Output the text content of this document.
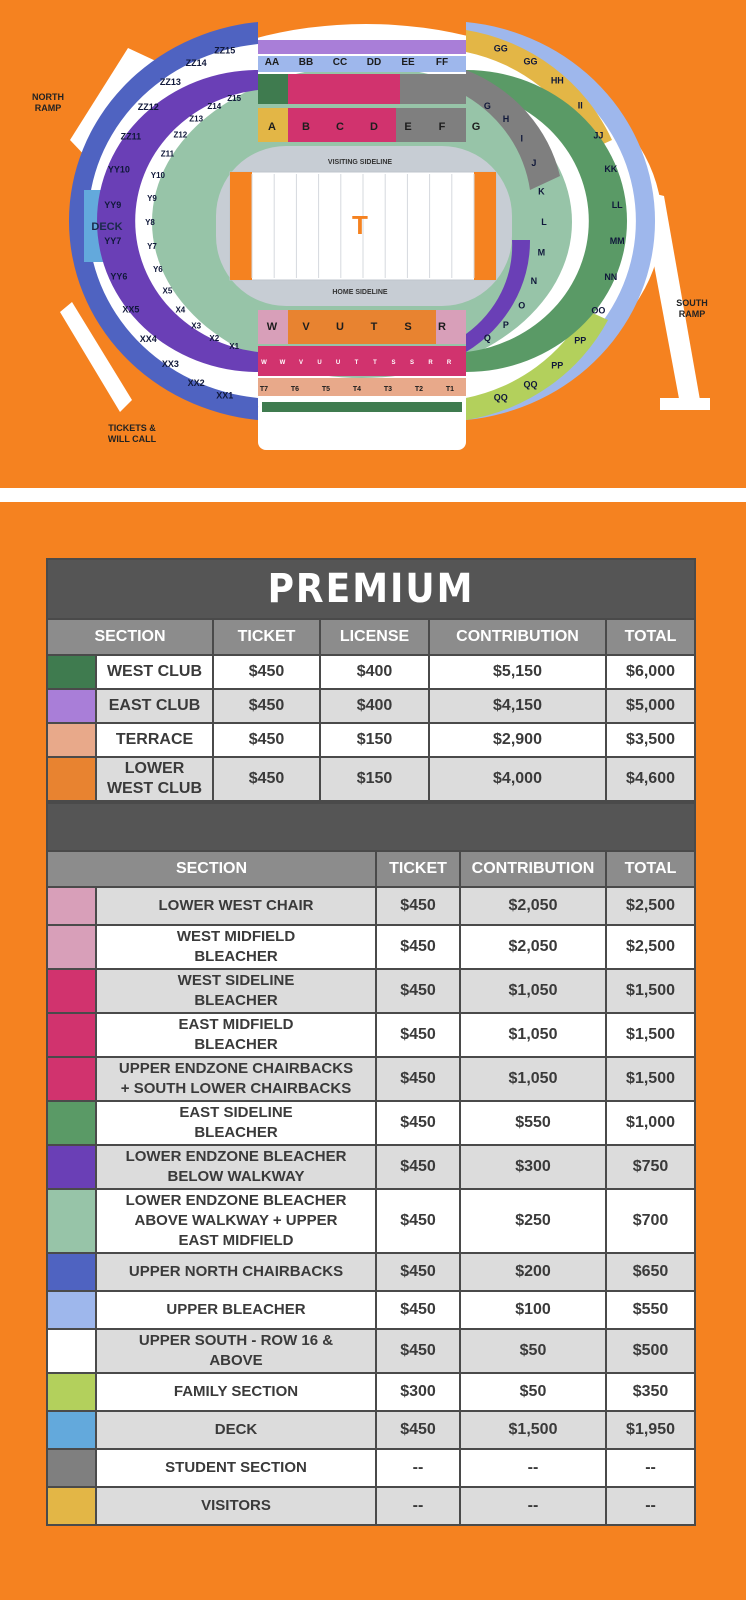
VISITING SIDELINE
HOME SIDELINE
T
DECK
NORTH
RAMP
SOUTH
RAMP
TICKETS &
WILL CALL
AA BB CC DD EE FF
A B C D E F G
W V U T S R
W W V U U T T S S R R
T7	T6	T5	T4	T3	T2	T1
ZZ15
ZZ14
ZZ13
ZZ12
ZZ11
YY10
YY9
YY7
YY6
XX5
XX4
XX3
XX2
XX1
Z15
Z14
Z13
Z12
Z11
Y10
Y9
Y8
Y7
Y6
X5
X4
X3
X2
X1
GG
GG
HH
II
JJ
KK
LL
MM
NN
OO
PP
PP
QQ
QQ
G
H
I
J
K
L
M
N
O
P
Q
PREMIUM					
SECTION		TICKET	LICENSE	CONTRIBUTION	TOTAL
	WEST CLUB	$450	$400	$5,150	$6,000
	EAST CLUB	$450	$400	$4,150	$5,000
	TERRACE	$450	$150	$2,900	$3,500
	LOWER
WEST CLUB	$450	$150	$4,000	$4,600

SECTION		TICKET	CONTRIBUTION	TOTAL
	LOWER WEST CHAIR	$450	$2,050	$2,500
	WEST MIDFIELD
BLEACHER	$450	$2,050	$2,500
	WEST SIDELINE
BLEACHER	$450	$1,050	$1,500
	EAST MIDFIELD
BLEACHER	$450	$1,050	$1,500
	UPPER ENDZONE CHAIRBACKS
+ SOUTH LOWER CHAIRBACKS	$450	$1,050	$1,500
	EAST SIDELINE
BLEACHER	$450	$550	$1,000
	LOWER ENDZONE BLEACHER
BELOW WALKWAY	$450	$300	$750
	LOWER ENDZONE BLEACHER
ABOVE WALKWAY + UPPER
EAST MIDFIELD	$450	$250	$700
	UPPER NORTH CHAIRBACKS	$450	$200	$650
	UPPER BLEACHER	$450	$100	$550
	UPPER SOUTH - ROW 16 &
ABOVE	$450	$50	$500
	FAMILY SECTION	$300	$50	$350
	DECK	$450	$1,500	$1,950
	STUDENT SECTION	--	--	--
	VISITORS	--	--	--
